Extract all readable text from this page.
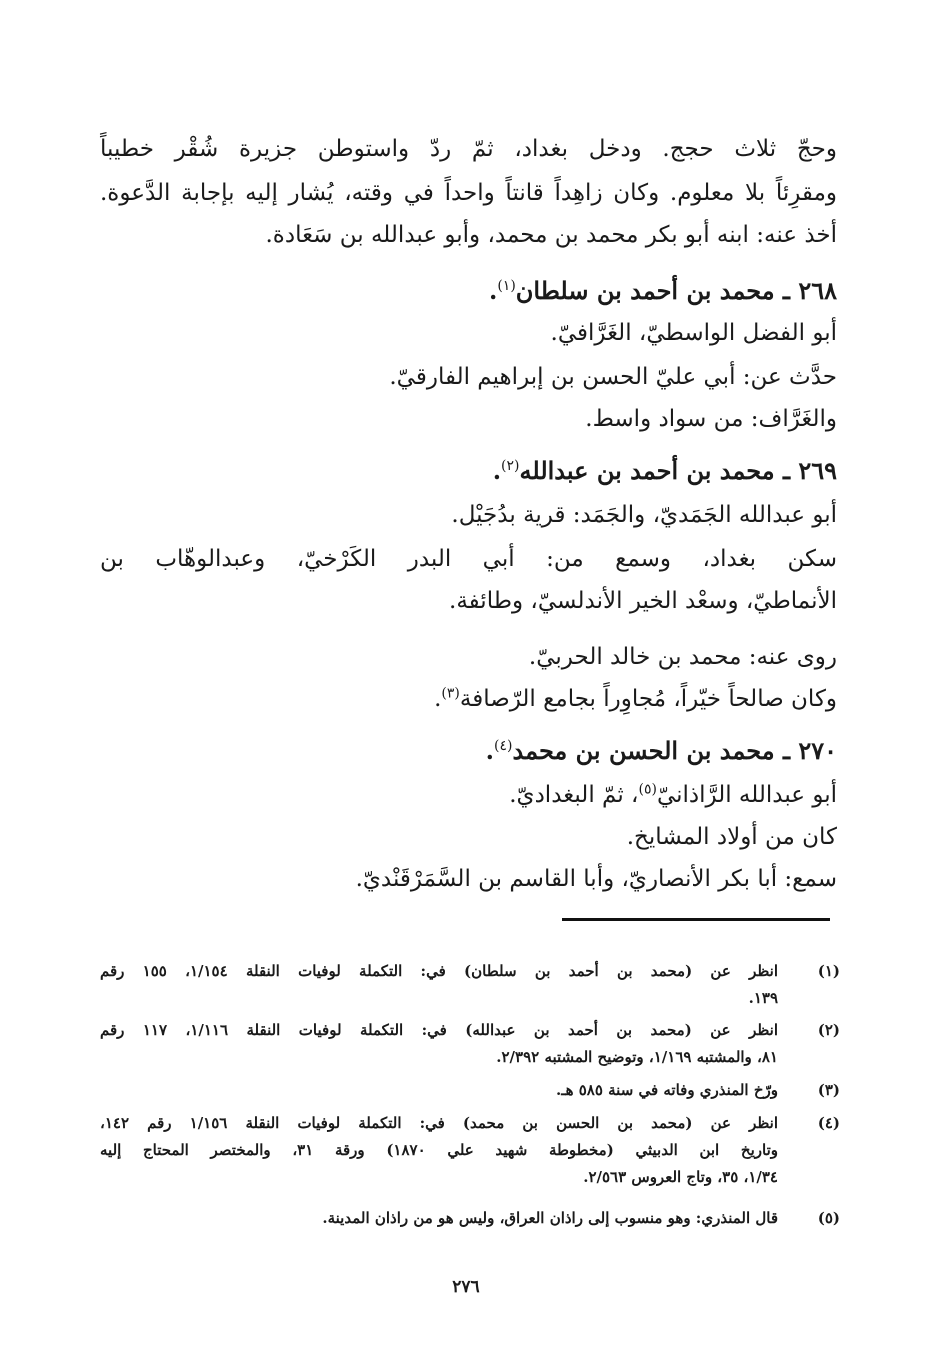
وحجّ ثلاث حجج. ودخل بغداد، ثمّ ردّ واستوطن جزيرة شُقْر خطيباً
ومقرِئاً بلا معلوم. وكان زاهِداً قانتاً واحداً في وقته، يُشار إليه بإجابة الدَّعوة.
أخذ عنه: ابنه أبو بكر محمد بن محمد، وأبو عبدالله بن سَعَادة.
٢٦٨ ـ محمد بن أحمد بن سلطان$^{(١)}$.
أبو الفضل الواسطيّ، الغَرَّافيّ.
حدَّث عن: أبي عليّ الحسن بن إبراهيم الفارقيّ.
والغَرَّاف: من سواد واسط.
٢٦٩ ـ محمد بن أحمد بن عبدالله$^{(٢)}$.
أبو عبدالله الجَمَديّ، والجَمَد: قرية بدُجَيْل.
سكن بغداد، وسمع من: أبي البدر الكَرْخيّ، وعبدالوهّاب بن
الأنماطيّ، وسعْد الخير الأندلسيّ، وطائفة.
روى عنه: محمد بن خالد الحربيّ.
وكان صالحاً خيّراً، مُجاوِراً بجامع الرّصافة$^{(٣)}$.
٢٧٠ ـ محمد بن الحسن بن محمد$^{(٤)}$.
أبو عبدالله الرَّاذانيّ$^{(٥)}$، ثمّ البغداديّ.
كان من أولاد المشايخ.
سمع: أبا بكر الأنصاريّ، وأبا القاسم بن السَّمَرْقَنْديّ.
(١)
انظر عن (محمد بن أحمد بن سلطان) في: التكملة لوفيات النقلة ١/١٥٤، ١٥٥ رقم
١٣٩.
(٢)
انظر عن (محمد بن أحمد بن عبدالله) في: التكملة لوفيات النقلة ١/١١٦، ١١٧ رقم
٨١، والمشتبه ١/١٦٩، وتوضيح المشتبه ٢/٣٩٢.
(٣)
ورّخ المنذري وفاته في سنة ٥٨٥ هـ.
(٤)
انظر عن (محمد بن الحسن بن محمد) في: التكملة لوفيات النقلة ١/١٥٦ رقم ١٤٢،
وتاريخ ابن الدبيثي (مخطوطة شهيد علي ١٨٧٠) ورقة ٣١، والمختصر المحتاج إليه
١/٣٤، ٣٥، وتاج العروس ٢/٥٦٣.
(٥)
قال المنذري: وهو منسوب إلى راذان العراق، وليس هو من راذان المدينة.
٢٧٦
